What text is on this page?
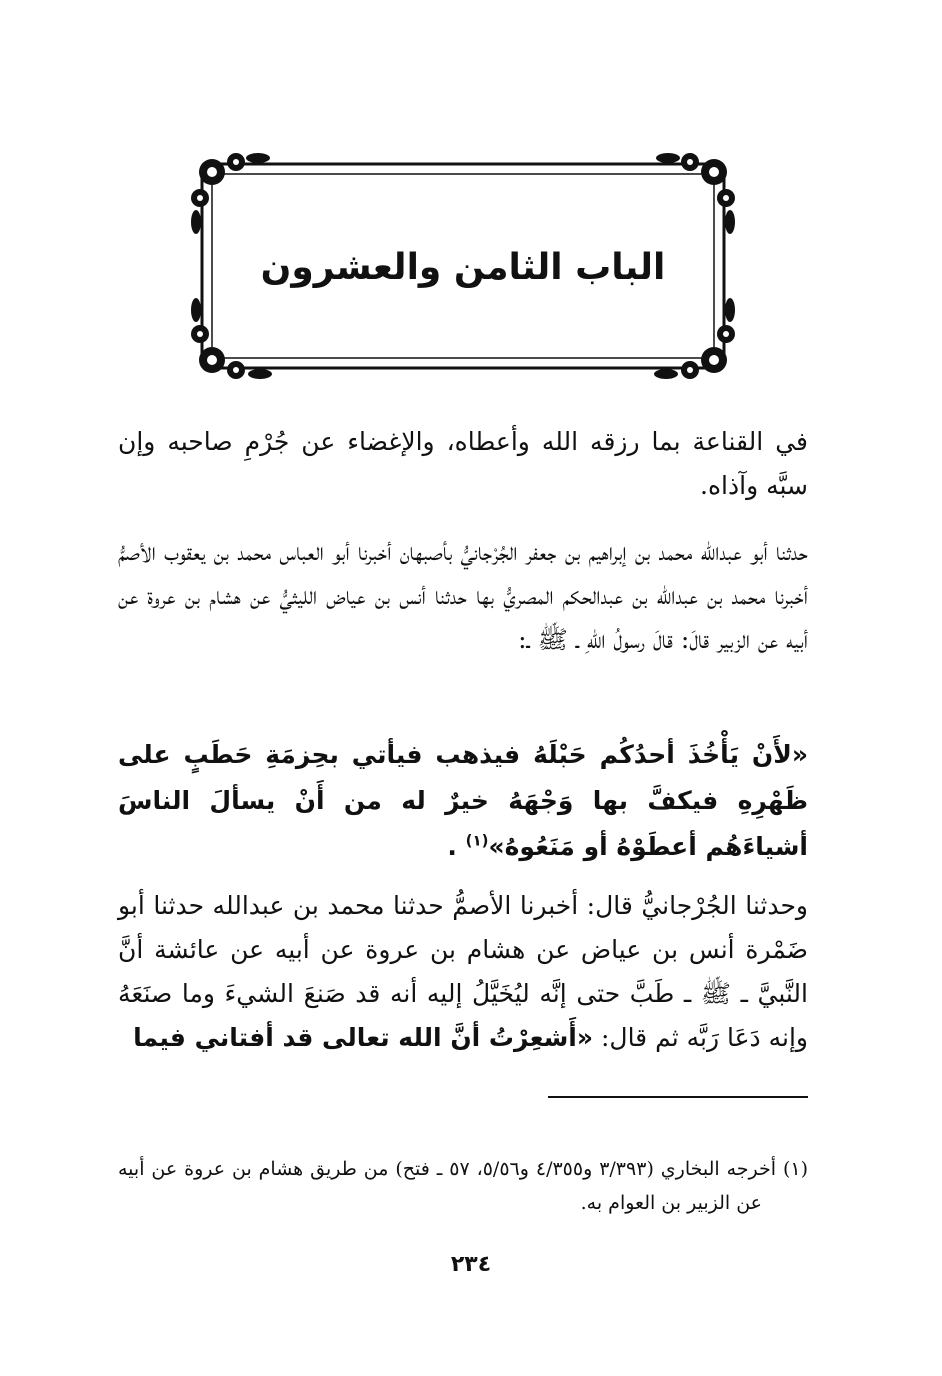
الباب الثامن والعشرون

في القناعة بما رزقه الله وأعطاه، والإغضاء عن جُرْمِ صاحبه وإن سبَّه وآذاه.

حدثنا أبو عبدالله محمد بن إبراهيم بن جعفر الجُرْجانيُّ بأصبهان أخبرنا أبو العباس محمد بن يعقوب الأصمُّ أخبرنا محمد بن عبدالله بن عبدالحكم المصريُّ بها حدثنا أنس بن عياض الليثيُّ عن هشام بن عروة عن أبيه عن الزبير قالَ: قالَ رسولُ اللهِ ـ ﷺ ـ:

«لأَنْ يَأْخُذَ أحدُكُم حَبْلَهُ فيذهب فيأتي بحِزمَةِ حَطَبٍ على ظَهْرِهِ فيكفَّ بها وَجْهَهُ خيرٌ له من أَنْ يسألَ الناسَ أشياءَهُم أعطَوْهُ أو مَنَعُوهُ»$^{(١)}$ .

وحدثنا الجُرْجانيُّ قال: أخبرنا الأصمُّ حدثنا محمد بن عبدالله حدثنا أبو ضَمْرة أنس بن عياض عن هشام بن عروة عن أبيه عن عائشة أنَّ النَّبيَّ ـ ﷺ ـ طَبَّ حتى إنَّه ليُخَيَّلُ إليه أنه قد صَنعَ الشيءَ وما صنَعَهُ وإنه دَعَا رَبَّه ثم قال: «أَشعِرْتُ أنَّ الله تعالى قد أفتاني فيما

(١) أخرجه البخاري (٣/٣٩٣ و٤/٣٥٥ و٥/٥٦، ٥٧ ـ فتح) من طريق هشام بن عروة عن أبيه عن الزبير بن العوام به.
٢٣٤
